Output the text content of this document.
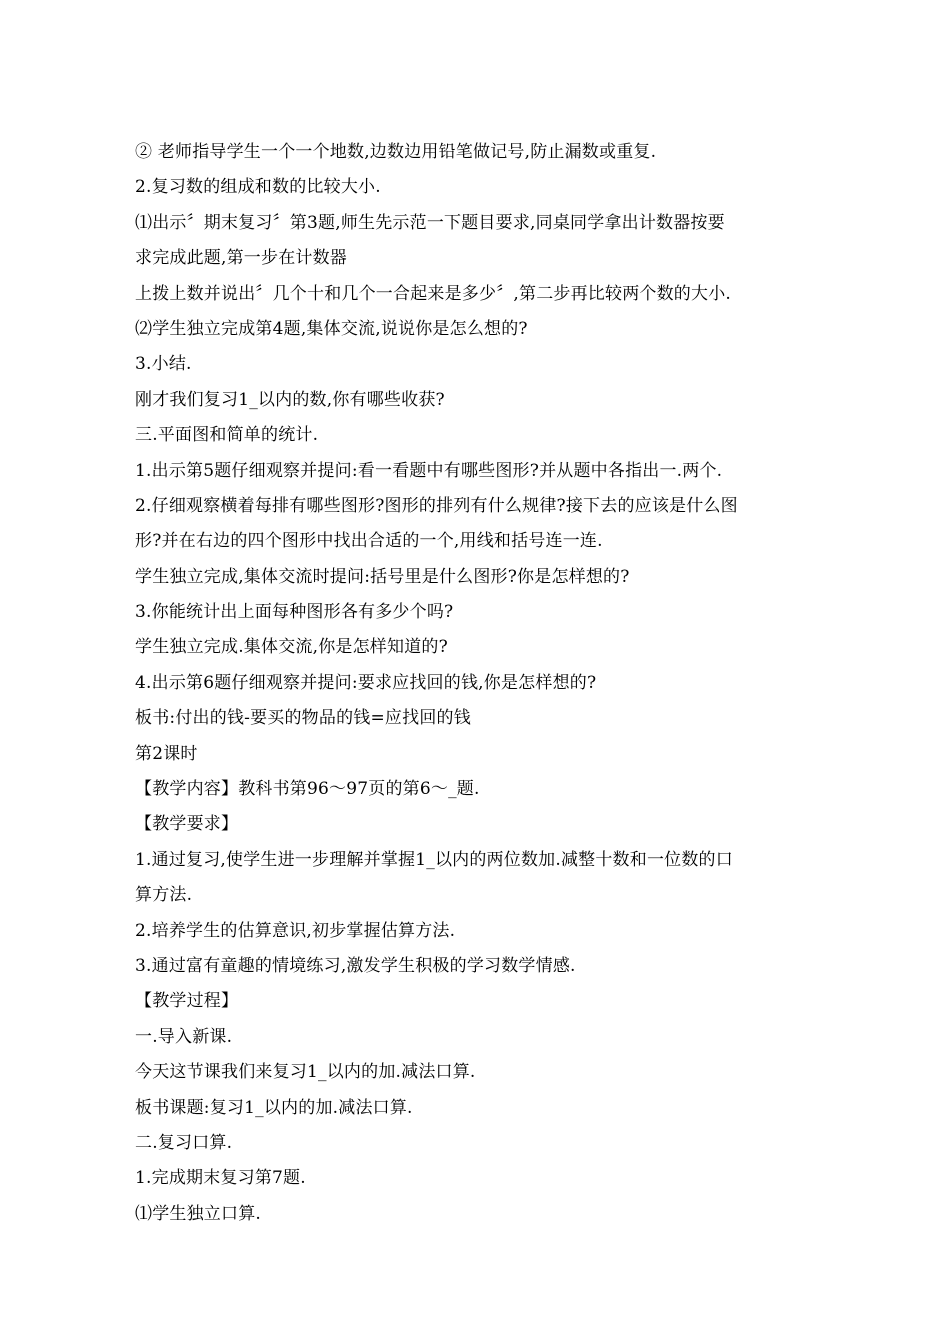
② 老师指导学生一个一个地数,边数边用铅笔做记号,防止漏数或重复.
2.复习数的组成和数的比较大小.
⑴出示〞期末复习〞第3题,师生先示范一下题目要求,同桌同学拿出计数器按要
求完成此题,第一步在计数器
上拨上数并说出〞几个十和几个一合起来是多少〞,第二步再比较两个数的大小.
⑵学生独立完成第4题,集体交流,说说你是怎么想的?
3.小结.
刚才我们复习1_以内的数,你有哪些收获?
三.平面图和简单的统计.
1.出示第5题仔细观察并提问:看一看题中有哪些图形?并从题中各指出一.两个.
2.仔细观察横着每排有哪些图形?图形的排列有什么规律?接下去的应该是什么图
形?并在右边的四个图形中找出合适的一个,用线和括号连一连.
学生独立完成,集体交流时提问:括号里是什么图形?你是怎样想的?
3.你能统计出上面每种图形各有多少个吗?
学生独立完成.集体交流,你是怎样知道的?
4.出示第6题仔细观察并提问:要求应找回的钱,你是怎样想的?
板书:付出的钱-要买的物品的钱=应找回的钱
第2课时
【教学内容】教科书第96～97页的第6～_题.
【教学要求】
1.通过复习,使学生进一步理解并掌握1_以内的两位数加.减整十数和一位数的口
算方法.
2.培养学生的估算意识,初步掌握估算方法.
3.通过富有童趣的情境练习,激发学生积极的学习数学情感.
【教学过程】
一.导入新课.
今天这节课我们来复习1_以内的加.减法口算.
板书课题:复习1_以内的加.减法口算.
二.复习口算.
1.完成期末复习第7题.
⑴学生独立口算.
